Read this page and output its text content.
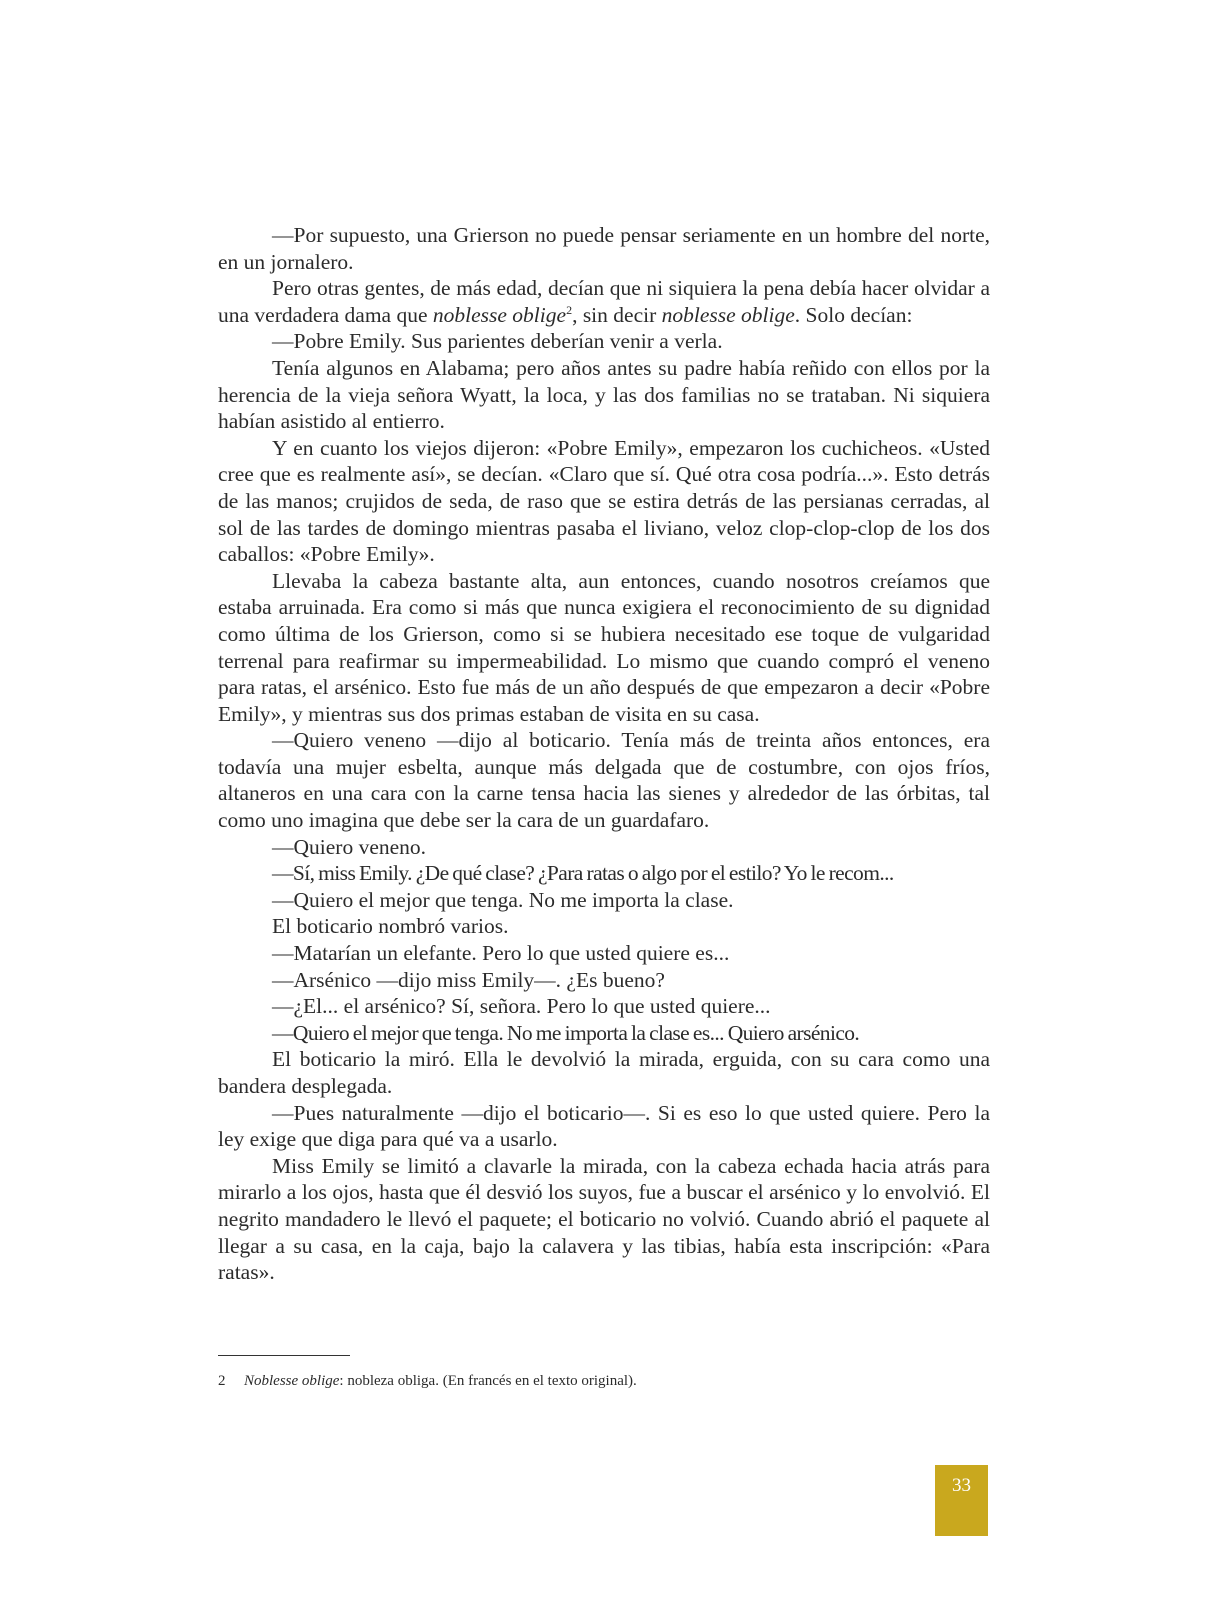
—Por supuesto, una Grierson no puede pensar seriamente en un hombre del norte, en un jornalero.

Pero otras gentes, de más edad, decían que ni siquiera la pena debía hacer olvidar a una verdadera dama que noblesse oblige$^2$, sin decir noblesse oblige. Solo decían:

—Pobre Emily. Sus parientes deberían venir a verla.

Tenía algunos en Alabama; pero años antes su padre había reñido con ellos por la herencia de la vieja señora Wyatt, la loca, y las dos familias no se trataban. Ni siquiera habían asistido al entierro.

Y en cuanto los viejos dijeron: «Pobre Emily», empezaron los cuchicheos. «Usted cree que es realmente así», se decían. «Claro que sí. Qué otra cosa podría...». Esto detrás de las manos; crujidos de seda, de raso que se estira detrás de las persianas cerradas, al sol de las tardes de domingo mientras pasaba el liviano, veloz clop-clop-clop de los dos caballos: «Pobre Emily».

Llevaba la cabeza bastante alta, aun entonces, cuando nosotros creíamos que estaba arruinada. Era como si más que nunca exigiera el reconocimiento de su dignidad como última de los Grierson, como si se hubiera necesitado ese toque de vulgaridad terrenal para reafirmar su impermeabilidad. Lo mismo que cuando compró el veneno para ratas, el arsénico. Esto fue más de un año después de que empezaron a decir «Pobre Emily», y mientras sus dos primas estaban de visita en su casa.

—Quiero veneno —dijo al boticario. Tenía más de treinta años entonces, era todavía una mujer esbelta, aunque más delgada que de costumbre, con ojos fríos, altaneros en una cara con la carne tensa hacia las sienes y alrededor de las órbitas, tal como uno imagina que debe ser la cara de un guardafaro.

—Quiero veneno.

—Sí, miss Emily. ¿De qué clase? ¿Para ratas o algo por el estilo? Yo le recom...

—Quiero el mejor que tenga. No me importa la clase.

El boticario nombró varios.

—Matarían un elefante. Pero lo que usted quiere es...

—Arsénico —dijo miss Emily—. ¿Es bueno?

—¿El... el arsénico? Sí, señora. Pero lo que usted quiere...

—Quiero el mejor que tenga. No me importa la clase es... Quiero arsénico.

El boticario la miró. Ella le devolvió la mirada, erguida, con su cara como una bandera desplegada.

—Pues naturalmente —dijo el boticario—. Si es eso lo que usted quiere. Pero la ley exige que diga para qué va a usarlo.

Miss Emily se limitó a clavarle la mirada, con la cabeza echada hacia atrás para mirarlo a los ojos, hasta que él desvió los suyos, fue a buscar el arsénico y lo envolvió. El negrito mandadero le llevó el paquete; el boticario no volvió. Cuando abrió el paquete al llegar a su casa, en la caja, bajo la calavera y las tibias, había esta inscripción: «Para ratas».

2 Noblesse oblige: nobleza obliga. (En francés en el texto original).
33
